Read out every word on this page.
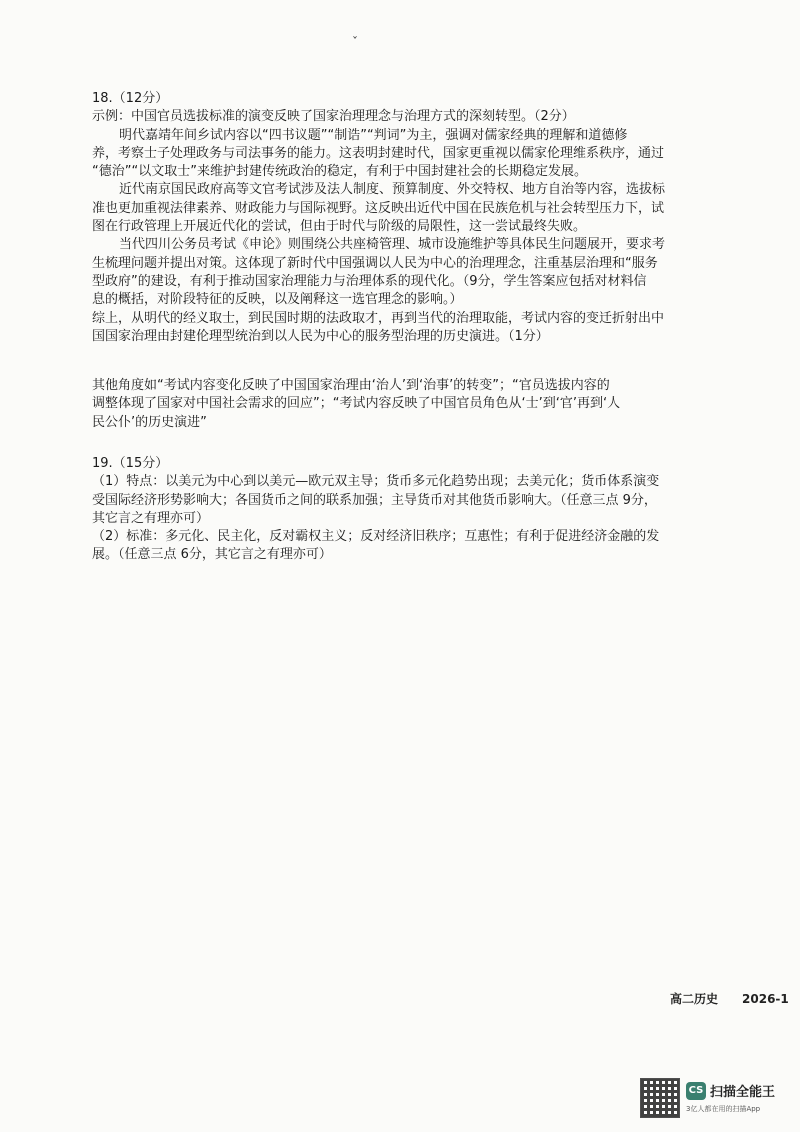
ˇ
18.（12分）
示例：中国官员选拔标准的演变反映了国家治理理念与治理方式的深刻转型。（2分）
明代嘉靖年间乡试内容以“四书议题”“制诰”“判词”为主，强调对儒家经典的理解和道德修
养，考察士子处理政务与司法事务的能力。这表明封建时代，国家更重视以儒家伦理维系秩序，通过
“德治”“以文取士”来维护封建传统政治的稳定，有利于中国封建社会的长期稳定发展。
近代南京国民政府高等文官考试涉及法人制度、预算制度、外交特权、地方自治等内容，选拔标
准也更加重视法律素养、财政能力与国际视野。这反映出近代中国在民族危机与社会转型压力下，试
图在行政管理上开展近代化的尝试，但由于时代与阶级的局限性，这一尝试最终失败。
当代四川公务员考试《申论》则围绕公共座椅管理、城市设施维护等具体民生问题展开，要求考
生梳理问题并提出对策。这体现了新时代中国强调以人民为中心的治理理念，注重基层治理和“服务
型政府”的建设，有利于推动国家治理能力与治理体系的现代化。（9分，学生答案应包括对材料信
息的概括，对阶段特征的反映，以及阐释这一选官理念的影响。）
综上，从明代的经义取士，到民国时期的法政取才，再到当代的治理取能，考试内容的变迁折射出中
国国家治理由封建伦理型统治到以人民为中心的服务型治理的历史演进。（1分）
其他角度如“考试内容变化反映了中国国家治理由‘治人’到‘治事’的转变”；“官员选拔内容的
调整体现了国家对中国社会需求的回应”；“考试内容反映了中国官员角色从‘士’到‘官’再到‘人
民公仆’的历史演进”
19.（15分）
（1）特点：以美元为中心到以美元—欧元双主导；货币多元化趋势出现；去美元化；货币体系演变
受国际经济形势影响大；各国货币之间的联系加强；主导货币对其他货币影响大。（任意三点 9分，
其它言之有理亦可）
（2）标准：多元化、民主化，反对霸权主义；反对经济旧秩序；互惠性；有利于促进经济金融的发
展。（任意三点 6分，其它言之有理亦可）
高二历史 2026-1
CS 扫描全能王
3亿人都在用的扫描App
